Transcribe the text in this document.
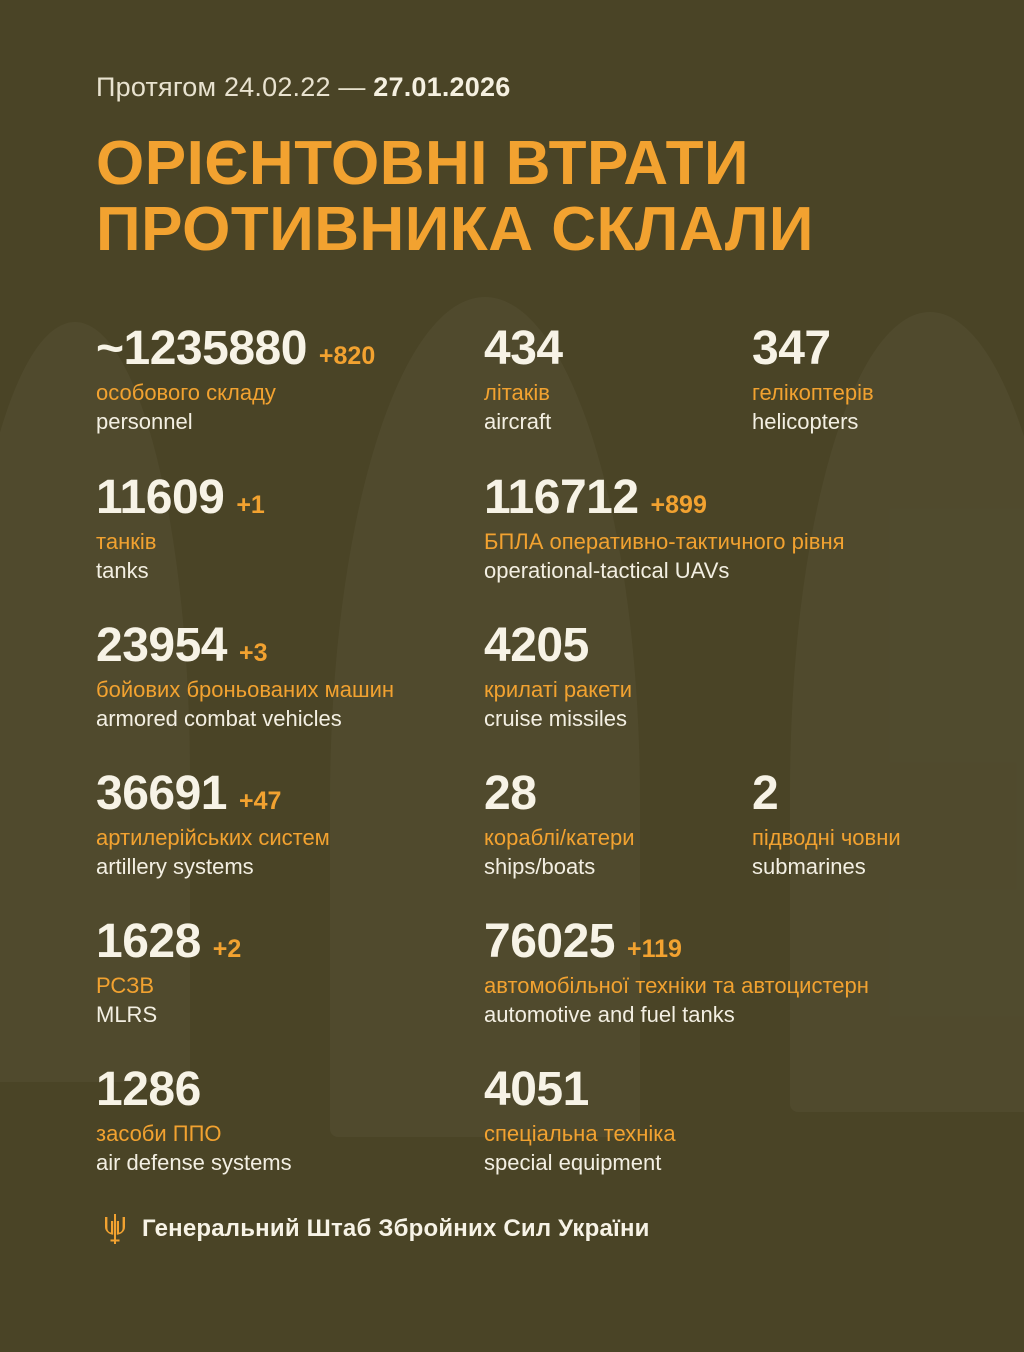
Протягом 24.02.22 — 27.01.2026
ОРІЄНТОВНІ ВТРАТИ
ПРОТИВНИКА СКЛАЛИ
~1235880 +820
особового складу
personnel
434
літаків
aircraft
347
гелікоптерів
helicopters
11609 +1
танків
tanks
116712 +899
БПЛА оперативно-тактичного рівня
operational-tactical UAVs
23954 +3
бойових броньованих машин
armored combat vehicles
4205
крилаті ракети
cruise missiles
36691 +47
артилерійських систем
artillery systems
28
кораблі/катери
ships/boats
2
підводні човни
submarines
1628 +2
РСЗВ
MLRS
76025 +119
автомобільної техніки та автоцистерн
automotive and fuel tanks
1286
засоби ППО
air defense systems
4051
спеціальна техніка
special equipment
Генеральний Штаб Збройних Сил України
